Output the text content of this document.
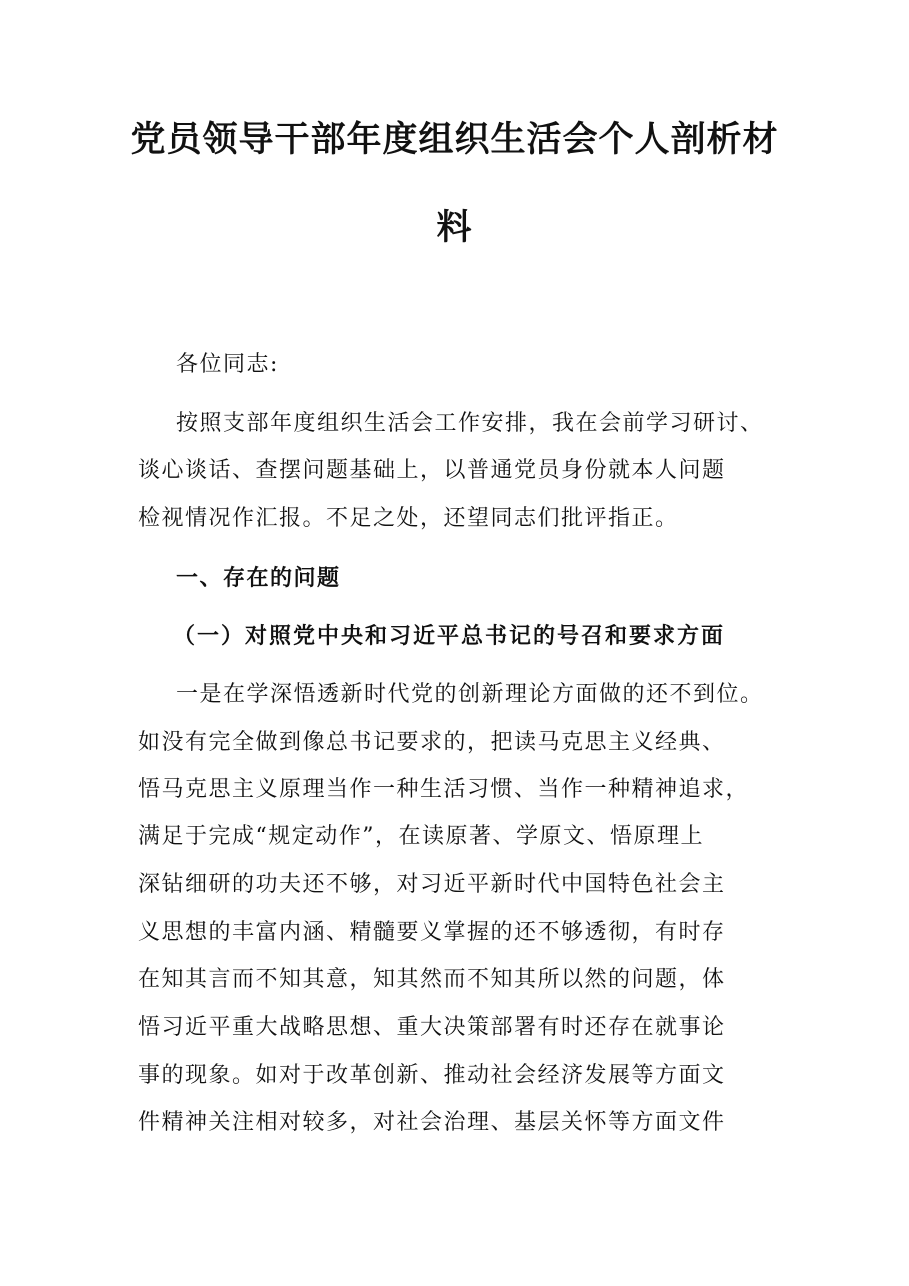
党员领导干部年度组织生活会个人剖析材
料
各位同志:
按照支部年度组织生活会工作安排，我在会前学习研讨、
谈心谈话、查摆问题基础上，以普通党员身份就本人问题
检视情况作汇报。不足之处，还望同志们批评指正。
一、存在的问题
（一）对照党中央和习近平总书记的号召和要求方面
一是在学深悟透新时代党的创新理论方面做的还不到位。
如没有完全做到像总书记要求的，把读马克思主义经典、
悟马克思主义原理当作一种生活习惯、当作一种精神追求，
满足于完成“规定动作”，在读原著、学原文、悟原理上
深钻细研的功夫还不够，对习近平新时代中国特色社会主
义思想的丰富内涵、精髓要义掌握的还不够透彻，有时存
在知其言而不知其意，知其然而不知其所以然的问题，体
悟习近平重大战略思想、重大决策部署有时还存在就事论
事的现象。如对于改革创新、推动社会经济发展等方面文
件精神关注相对较多，对社会治理、基层关怀等方面文件
